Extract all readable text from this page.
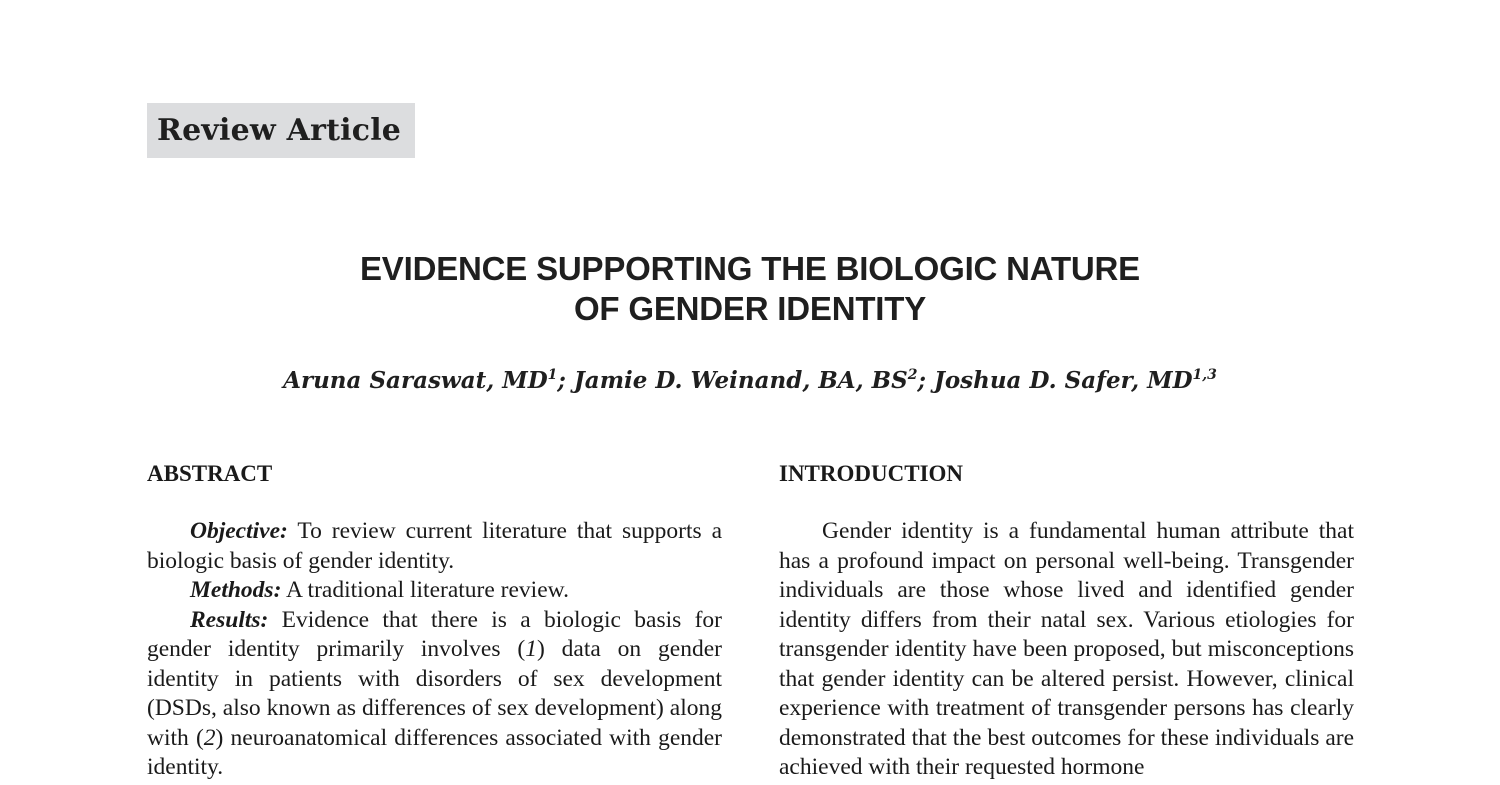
Review Article
EVIDENCE SUPPORTING THE BIOLOGIC NATURE
OF GENDER IDENTITY
Aruna Saraswat, $MD^1$; Jamie D. Weinand, BA, $BS^2$; Joshua D. Safer, MD$^{1,3}$
ABSTRACT

Objective: To review current literature that supports a biologic basis of gender identity.

Methods: A traditional literature review.

Results: Evidence that there is a biologic basis for gender identity primarily involves (1) data on gender identity in patients with disorders of sex development (DSDs, also known as differences of sex development) along with (2) neuroanatomical differences associated with gender identity.

INTRODUCTION

Gender identity is a fundamental human attribute that has a profound impact on personal well-being. Transgender individuals are those whose lived and identified gender identity differs from their natal sex. Various etiologies for transgender identity have been proposed, but misconceptions that gender identity can be altered persist. However, clinical experience with treatment of transgender persons has clearly demonstrated that the best outcomes for these individuals are achieved with their requested hormone
